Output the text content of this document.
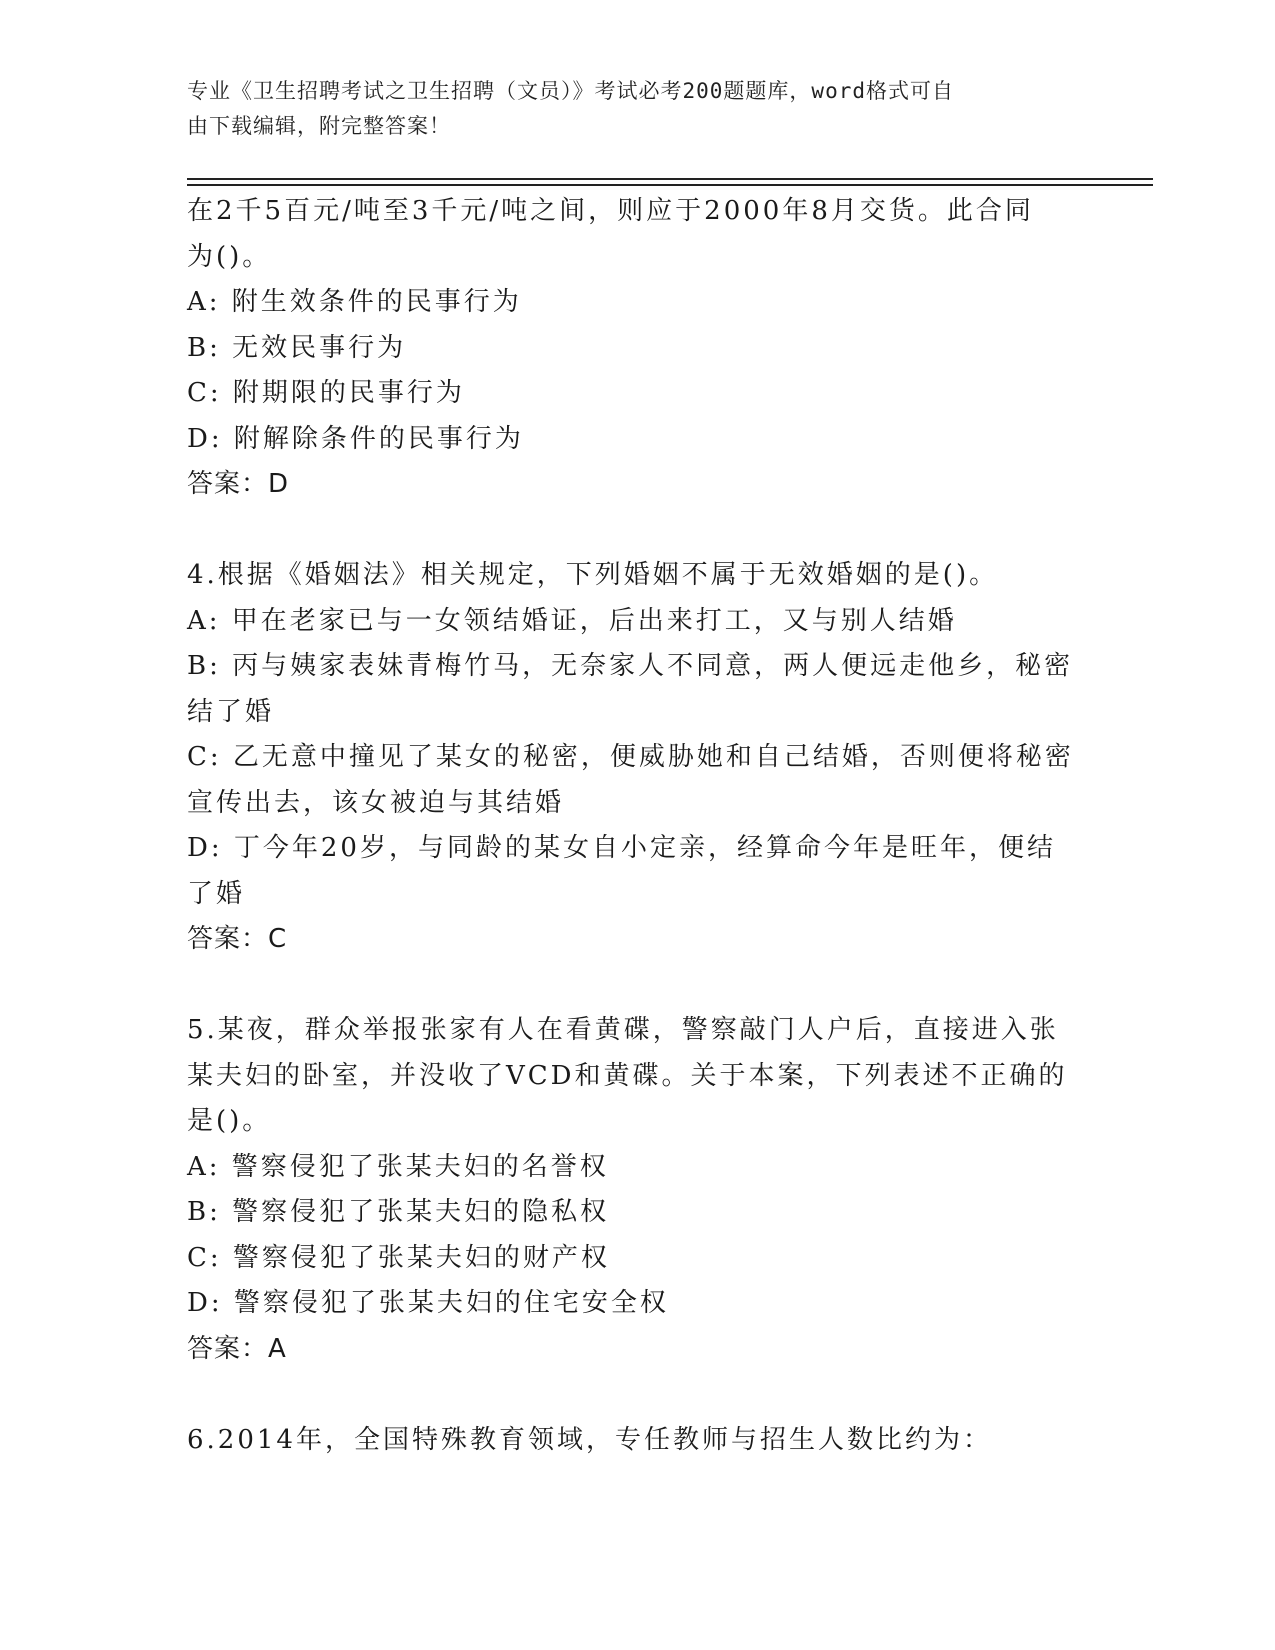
专业《卫生招聘考试之卫生招聘（文员）》考试必考200题题库，word格式可自
由下载编辑，附完整答案！

在2千5百元/吨至3千元/吨之间，则应于2000年8月交货。此合同

为()。

A: 附生效条件的民事行为

B: 无效民事行为

C: 附期限的民事行为

D: 附解除条件的民事行为

答案：D

4.根据《婚姻法》相关规定，下列婚姻不属于无效婚姻的是()。

A: 甲在老家已与一女领结婚证，后出来打工，又与别人结婚

B: 丙与姨家表妹青梅竹马，无奈家人不同意，两人便远走他乡，秘密

结了婚

C: 乙无意中撞见了某女的秘密，便威胁她和自己结婚，否则便将秘密

宣传出去，该女被迫与其结婚

D: 丁今年20岁，与同龄的某女自小定亲，经算命今年是旺年，便结

了婚

答案：C

5.某夜，群众举报张家有人在看黄碟，警察敲门人户后，直接进入张

某夫妇的卧室，并没收了VCD和黄碟。关于本案，下列表述不正确的

是()。

A: 警察侵犯了张某夫妇的名誉权

B: 警察侵犯了张某夫妇的隐私权

C: 警察侵犯了张某夫妇的财产权

D: 警察侵犯了张某夫妇的住宅安全权

答案：A

6.2014年，全国特殊教育领域，专任教师与招生人数比约为：
